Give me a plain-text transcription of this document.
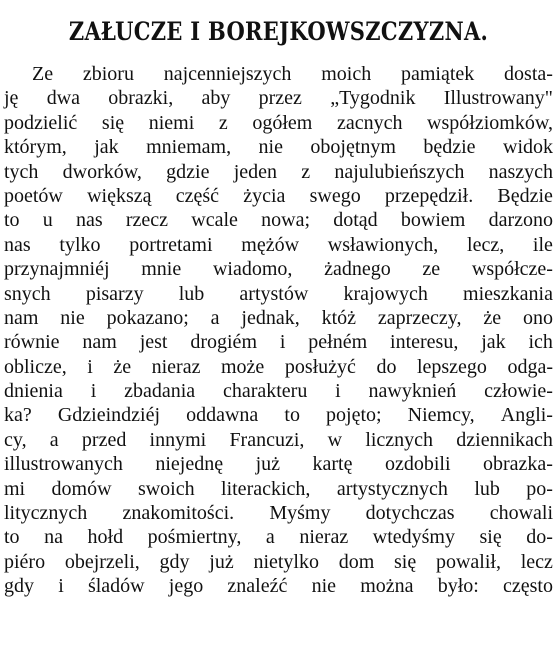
ZAŁUCZE I BOREJKOWSZCZYZNA.
Ze zbioru najcenniejszych moich pamiątek dosta-
ję dwa obrazki, aby przez „Tygodnik Illustrowany"
podzielić się niemi z ogółem zacnych współziomków,
którym, jak mniemam, nie obojętnym będzie widok
tych dworków, gdzie jeden z najulubieńszych naszych
poetów większą część życia swego przepędził. Będzie
to u nas rzecz wcale nowa; dotąd bowiem darzono
nas tylko portretami mężów wsławionych, lecz, ile
przynajmniéj mnie wiadomo, żadnego ze współcze-
snych pisarzy lub artystów krajowych mieszkania
nam nie pokazano; a jednak, któż zaprzeczy, że ono
równie nam jest drogiém i pełném interesu, jak ich
oblicze, i że nieraz może posłużyć do lepszego odga-
dnienia i zbadania charakteru i nawyknień człowie-
ka? Gdzieindziéj oddawna to pojęto; Niemcy, Angli-
cy, a przed innymi Francuzi, w licznych dziennikach
illustrowanych niejednę już kartę ozdobili obrazka-
mi domów swoich literackich, artystycznych lub po-
litycznych znakomitości. Myśmy dotychczas chowali
to na hołd pośmiertny, a nieraz wtedyśmy się do-
piéro obejrzeli, gdy już nietylko dom się powalił, lecz
gdy i śladów jego znaleźć nie można było: często
